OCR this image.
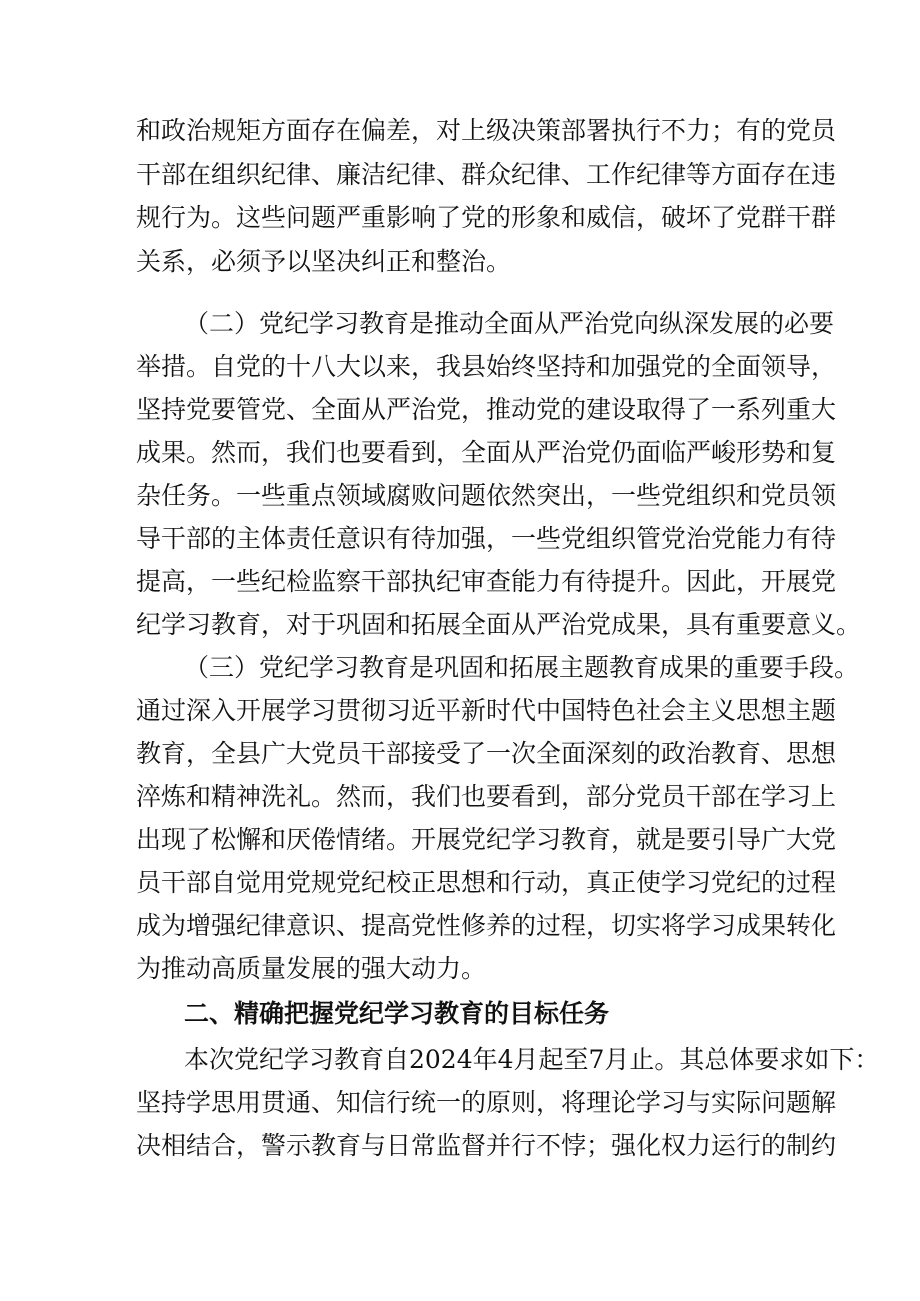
和政治规矩方面存在偏差，对上级决策部署执行不力；有的党员
干部在组织纪律、廉洁纪律、群众纪律、工作纪律等方面存在违
规行为。这些问题严重影响了党的形象和威信，破坏了党群干群
关系，必须予以坚决纠正和整治。
（二）党纪学习教育是推动全面从严治党向纵深发展的必要
举措。自党的十八大以来，我县始终坚持和加强党的全面领导，
坚持党要管党、全面从严治党，推动党的建设取得了一系列重大
成果。然而，我们也要看到，全面从严治党仍面临严峻形势和复
杂任务。一些重点领域腐败问题依然突出，一些党组织和党员领
导干部的主体责任意识有待加强，一些党组织管党治党能力有待
提高，一些纪检监察干部执纪审查能力有待提升。因此，开展党
纪学习教育，对于巩固和拓展全面从严治党成果，具有重要意义。
（三）党纪学习教育是巩固和拓展主题教育成果的重要手段。
通过深入开展学习贯彻习近平新时代中国特色社会主义思想主题
教育，全县广大党员干部接受了一次全面深刻的政治教育、思想
淬炼和精神洗礼。然而，我们也要看到，部分党员干部在学习上
出现了松懈和厌倦情绪。开展党纪学习教育，就是要引导广大党
员干部自觉用党规党纪校正思想和行动，真正使学习党纪的过程
成为增强纪律意识、提高党性修养的过程，切实将学习成果转化
为推动高质量发展的强大动力。
二、精确把握党纪学习教育的目标任务
本次党纪学习教育自2024年4月起至7月止。其总体要求如下：
坚持学思用贯通、知信行统一的原则，将理论学习与实际问题解
决相结合，警示教育与日常监督并行不悖；强化权力运行的制约
